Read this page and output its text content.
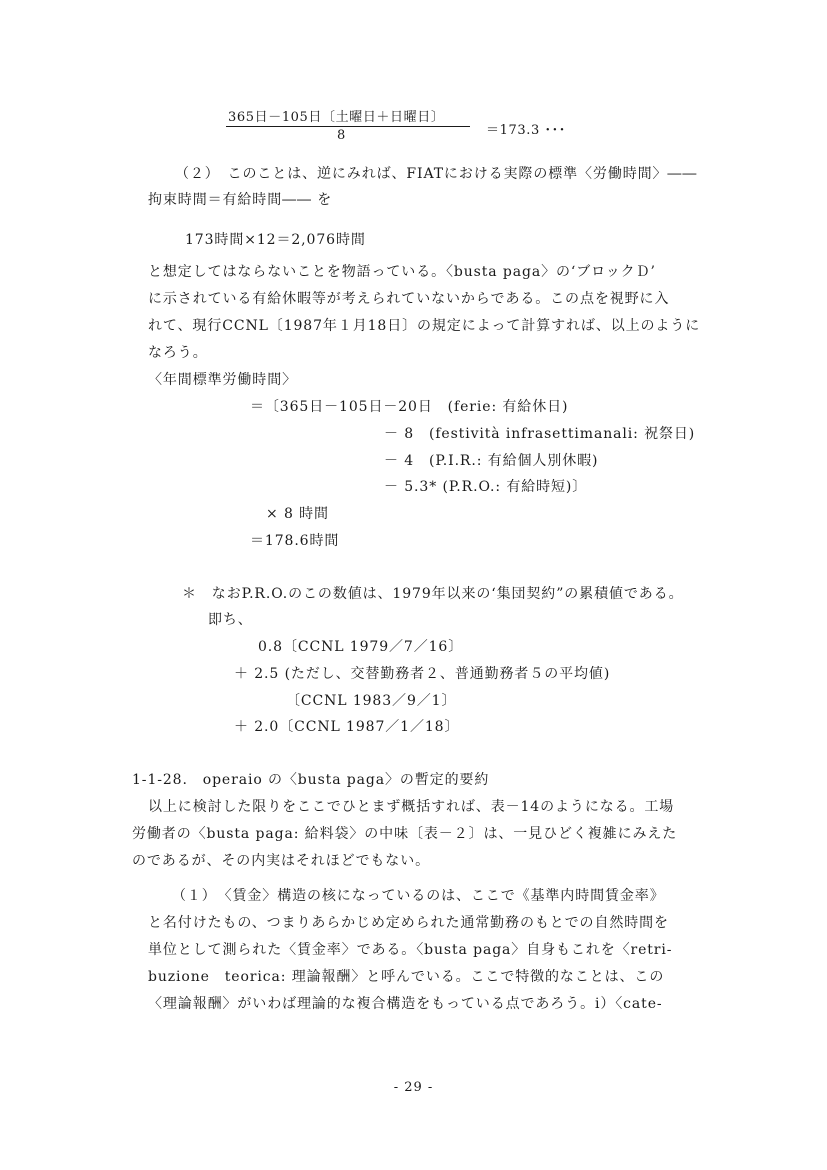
365日－105日〔土曜日＋日曜日〕
8	＝173.3 ･･･
（２）　このことは、逆にみれば、FIATにおける実際の標準〈労働時間〉――
拘束時間＝有給時間―― を
173時間×12＝2,076時間
と想定してはならないことを物語っている。〈busta paga〉の‘ブロックＤ’
に示されている有給休暇等が考えられていないからである。この点を視野に入
れて、現行CCNL〔1987年１月18日〕の規定によって計算すれば、以上のように
なろう。
〈年間標準労働時間〉
＝〔365日－105日－20日　(ferie: 有給休日)
－ 8　(festività infrasettimanali: 祝祭日)
－ 4　(P.I.R.: 有給個人別休暇)
－ 5.3* (P.R.O.: 有給時短)〕
× 8 時間
＝178.6時間
＊　なおP.R.O.のこの数値は、1979年以来の‘集団契約”の累積値である。
即ち、
0.8〔CCNL 1979／7／16〕
＋ 2.5 (ただし、交替勤務者２、普通勤務者５の平均値)
〔CCNL 1983／9／1〕
＋ 2.0〔CCNL 1987／1／18〕
1-1-28.　operaio の〈busta paga〉の暫定的要約
以上に検討した限りをここでひとまず概括すれば、表－14のようになる。工場
労働者の〈busta paga: 給料袋〉の中味〔表－２〕は、一見ひどく複雑にみえた
のであるが、その内実はそれほどでもない。
（１）　〈賃金〉構造の核になっているのは、ここで《基準内時間賃金率》
と名付けたもの、つまりあらかじめ定められた通常勤務のもとでの自然時間を
単位として測られた〈賃金率〉である。〈busta paga〉自身もこれを〈retri-
buzione　teorica: 理論報酬〉と呼んでいる。ここで特徴的なことは、この
〈理論報酬〉がいわば理論的な複合構造をもっている点であろう。i）〈cate-
- 29 -
